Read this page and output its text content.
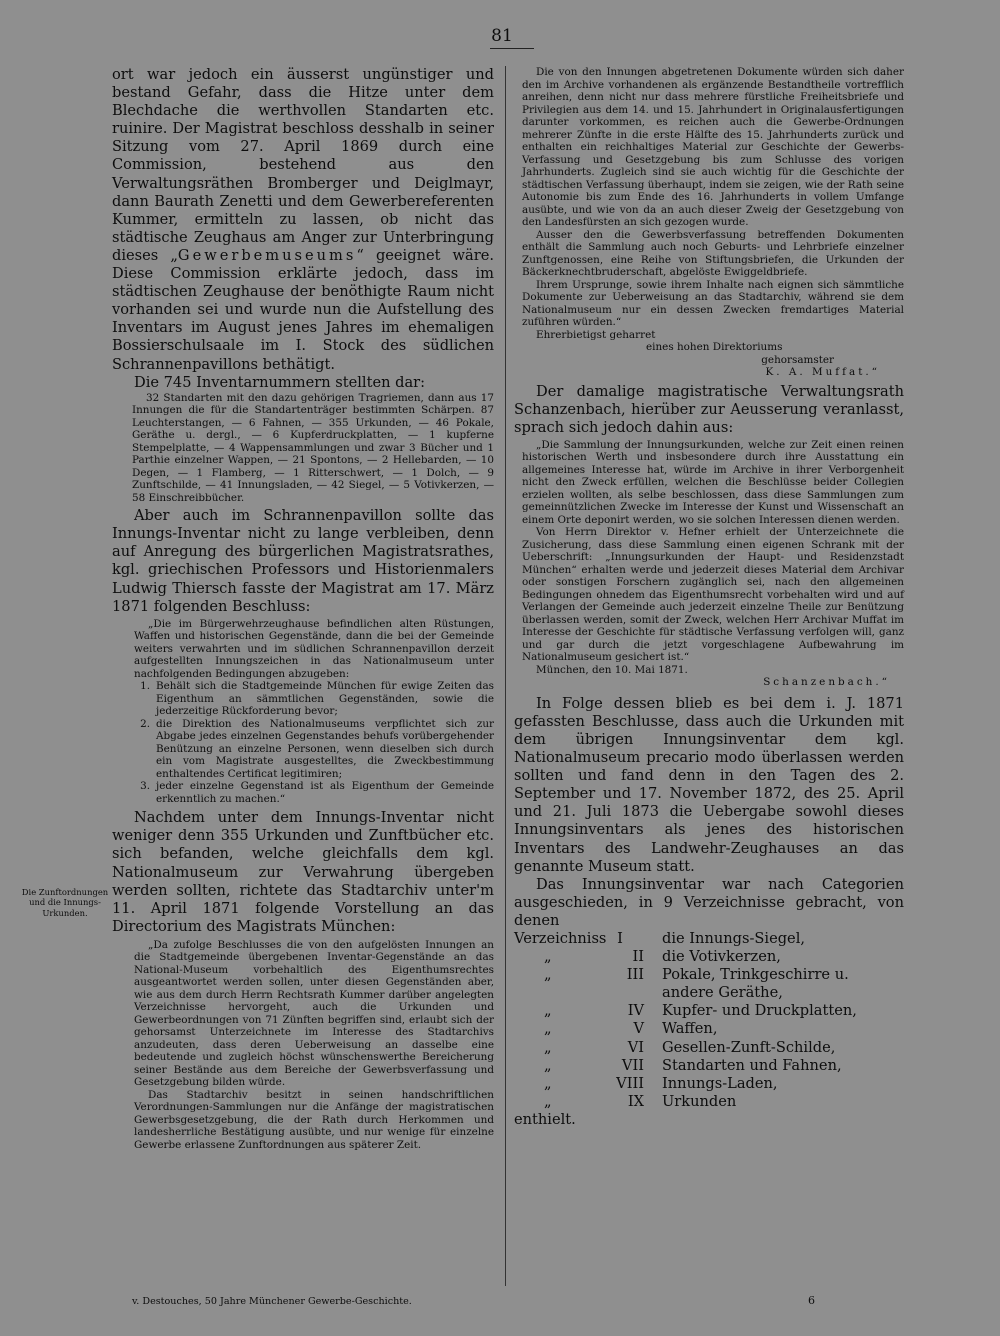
81

ort war jedoch ein äusserst ungünstiger und bestand Gefahr, dass die Hitze unter dem Blechdache die werthvollen Standarten etc. ruinire. Der Magistrat beschloss desshalb in seiner Sitzung vom 27. April 1869 durch eine Commission, bestehend aus den Verwaltungsräthen Bromberger und Deiglmayr, dann Baurath Zenetti und dem Gewerbereferenten Kummer, ermitteln zu lassen, ob nicht das städtische Zeughaus am Anger zur Unterbringung dieses „Gewerbemuseums“ geeignet wäre. Diese Commission erklärte jedoch, dass im städtischen Zeughause der benöthigte Raum nicht vorhanden sei und wurde nun die Aufstellung des Inventars im August jenes Jahres im ehemaligen Bossierschulsaale im I. Stock des südlichen Schrannenpavillons bethätigt.

Die 745 Inventarnummern stellten dar:

32 Standarten mit den dazu gehörigen Tragriemen, dann aus 17 Innungen die für die Standartenträger bestimmten Schärpen. 87 Leuchterstangen, — 6 Fahnen, — 355 Urkunden, — 46 Pokale, Geräthe u. dergl., — 6 Kupferdruckplatten, — 1 kupferne Stempelplatte, — 4 Wappensammlungen und zwar 3 Bücher und 1 Parthie einzelner Wappen, — 21 Spontons, — 2 Hellebarden, — 10 Degen, — 1 Flamberg, — 1 Ritterschwert, — 1 Dolch, — 9 Zunftschilde, — 41 Innungsladen, — 42 Siegel, — 5 Votivkerzen, — 58 Einschreibbücher.

Aber auch im Schrannenpavillon sollte das Innungs-Inventar nicht zu lange verbleiben, denn auf Anregung des bürgerlichen Magistratsrathes, kgl. griechischen Professors und Historienmalers Ludwig Thiersch fasste der Magistrat am 17. März 1871 folgenden Beschluss:

„Die im Bürgerwehrzeughause befindlichen alten Rüstungen, Waffen und historischen Gegenstände, dann die bei der Gemeinde weiters verwahrten und im südlichen Schrannenpavillon derzeit aufgestellten Innungszeichen in das Nationalmuseum unter nachfolgenden Bedingungen abzugeben:

1. Behält sich die Stadtgemeinde München für ewige Zeiten das Eigenthum an sämmtlichen Gegenständen, sowie die jederzeitige Rückforderung bevor;
2. die Direktion des Nationalmuseums verpflichtet sich zur Abgabe jedes einzelnen Gegenstandes behufs vorübergehender Benützung an einzelne Personen, wenn dieselben sich durch ein vom Magistrate ausgestelltes, die Zweckbestimmung enthaltendes Certificat legitimiren;
3. jeder einzelne Gegenstand ist als Eigenthum der Gemeinde erkenntlich zu machen.“

Nachdem unter dem Innungs-Inventar nicht weniger denn 355 Urkunden und Zunftbücher etc. sich befanden, welche gleichfalls dem kgl. Nationalmuseum zur Verwahrung übergeben werden sollten, richtete das Stadtarchiv unter'm 11. April 1871 folgende Vorstellung an das Directorium des Magistrats München:

„Da zufolge Beschlusses die von den aufgelösten Innungen an die Stadtgemeinde übergebenen Inventar-Gegenstände an das National-Museum vorbehaltlich des Eigenthumsrechtes ausgeantwortet werden sollen, unter diesen Gegenständen aber, wie aus dem durch Herrn Rechtsrath Kummer darüber angelegten Verzeichnisse hervorgeht, auch die Urkunden und Gewerbeordnungen von 71 Zünften begriffen sind, erlaubt sich der gehorsamst Unterzeichnete im Interesse des Stadtarchivs anzudeuten, dass deren Ueberweisung an dasselbe eine bedeutende und zugleich höchst wünschenswerthe Bereicherung seiner Bestände aus dem Bereiche der Gewerbsverfassung und Gesetzgebung bilden würde.

Das Stadtarchiv besitzt in seinen handschriftlichen Verordnungen-Sammlungen nur die Anfänge der magistratischen Gewerbsgesetzgebung, die der Rath durch Herkommen und landesherrliche Bestätigung ausübte, und nur wenige für einzelne Gewerbe erlassene Zunftordnungen aus späterer Zeit.

Die Zunftordnungen und die Innungs-Urkunden.
v. Destouches, 50 Jahre Münchener Gewerbe-Geschichte.	6

Die von den Innungen abgetretenen Dokumente würden sich daher den im Archive vorhandenen als ergänzende Bestandtheile vortrefflich anreihen, denn nicht nur dass mehrere fürstliche Freiheitsbriefe und Privilegien aus dem 14. und 15. Jahrhundert in Originalausfertigungen darunter vorkommen, es reichen auch die Gewerbe-Ordnungen mehrerer Zünfte in die erste Hälfte des 15. Jahrhunderts zurück und enthalten ein reichhaltiges Material zur Geschichte der Gewerbs-Verfassung und Gesetzgebung bis zum Schlusse des vorigen Jahrhunderts. Zugleich sind sie auch wichtig für die Geschichte der städtischen Verfassung überhaupt, indem sie zeigen, wie der Rath seine Autonomie bis zum Ende des 16. Jahrhunderts in vollem Umfange ausübte, und wie von da an auch dieser Zweig der Gesetzgebung von den Landesfürsten an sich gezogen wurde.

Ausser den die Gewerbsverfassung betreffenden Dokumenten enthält die Sammlung auch noch Geburts- und Lehrbriefe einzelner Zunftgenossen, eine Reihe von Stiftungsbriefen, die Urkunden der Bäckerknechtbruderschaft, abgelöste Ewiggeldbriefe.

Ihrem Ursprunge, sowie ihrem Inhalte nach eignen sich sämmtliche Dokumente zur Ueberweisung an das Stadtarchiv, während sie dem Nationalmuseum nur ein dessen Zwecken fremdartiges Material zuführen würden.“

Ehrerbietigst geharret

eines hohen Direktoriums

gehorsamster

K. A. Muffat.“

Der damalige magistratische Verwaltungsrath Schanzenbach, hierüber zur Aeusserung veranlasst, sprach sich jedoch dahin aus:

„Die Sammlung der Innungsurkunden, welche zur Zeit einen reinen historischen Werth und insbesondere durch ihre Ausstattung ein allgemeines Interesse hat, würde im Archive in ihrer Verborgenheit nicht den Zweck erfüllen, welchen die Beschlüsse beider Collegien erzielen wollten, als selbe beschlossen, dass diese Sammlungen zum gemeinnützlichen Zwecke im Interesse der Kunst und Wissenschaft an einem Orte deponirt werden, wo sie solchen Interessen dienen werden.

Von Herrn Direktor v. Hefner erhielt der Unterzeichnete die Zusicherung, dass diese Sammlung einen eigenen Schrank mit der Ueberschrift: „Innungsurkunden der Haupt- und Residenzstadt München“ erhalten werde und jederzeit dieses Material dem Archivar oder sonstigen Forschern zugänglich sei, nach den allgemeinen Bedingungen ohnedem das Eigenthumsrecht vorbehalten wird und auf Verlangen der Gemeinde auch jederzeit einzelne Theile zur Benützung überlassen werden, somit der Zweck, welchen Herr Archivar Muffat im Interesse der Geschichte für städtische Verfassung verfolgen will, ganz und gar durch die jetzt vorgeschlagene Aufbewahrung im Nationalmuseum gesichert ist.“

München, den 10. Mai 1871.

Schanzenbach.“

In Folge dessen blieb es bei dem i. J. 1871 gefassten Beschlusse, dass auch die Urkunden mit dem übrigen Innungsinventar dem kgl. Nationalmuseum precario modo überlassen werden sollten und fand denn in den Tagen des 2. September und 17. November 1872, des 25. April und 21. Juli 1873 die Uebergabe sowohl dieses Innungsinventars als jenes des historischen Inventars des Landwehr-Zeughauses an das genannte Museum statt.

Das Innungsinventar war nach Categorien ausgeschieden, in 9 Verzeichnisse gebracht, von denen

Verzeichniss I		die Innungs-Siegel,
„	II	die Votivkerzen,
„	III	Pokale, Trinkgeschirre u. andere Geräthe,
„	IV	Kupfer- und Druckplatten,
„	V	Waffen,
„	VI	Gesellen-Zunft-Schilde,
„	VII	Standarten und Fahnen,
„	VIII	Innungs-Laden,
„	IX	Urkunden

enthielt.
